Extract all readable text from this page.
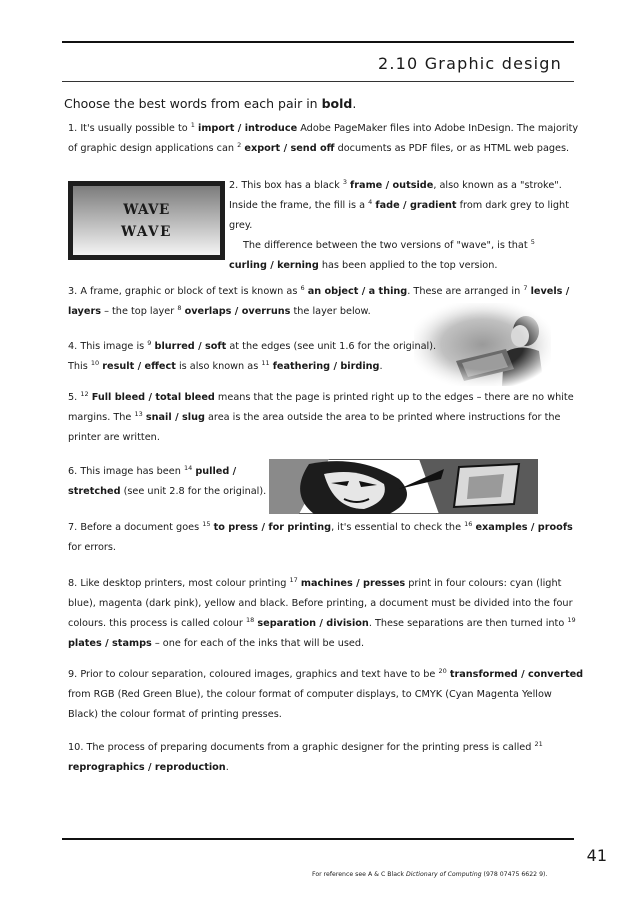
2.10 Graphic design
Choose the best words from each pair in bold.
1. It's usually possible to $^1$ import / introduce Adobe PageMaker files into Adobe InDesign. The majority
of graphic design applications can $^2$ export / send off documents as PDF files, or as HTML web pages.
WAVE
WAVE
2. This box has a black $^3$ frame / outside, also known as a "stroke".
Inside the frame, the fill is a $^4$ fade / gradient from dark grey to light
grey.
The difference between the two versions of "wave", is that $^5$
curling / kerning has been applied to the top version.
3. A frame, graphic or block of text is known as $^6$ an object / a thing. These are arranged in $^7$ levels /
layers – the top layer $^8$ overlaps / overruns the layer below.
4. This image is $^9$ blurred / soft at the edges (see unit 1.6 for the original).
This $^{10}$ result / effect is also known as $^{11}$ feathering / birding.
5. $^{12}$ Full bleed / total bleed means that the page is printed right up to the edges – there are no white
margins. The $^{13}$ snail / slug area is the area outside the area to be printed where instructions for the
printer are written.
6. This image has been $^{14}$ pulled /
stretched (see unit 2.8 for the original).
7. Before a document goes $^{15}$ to press / for printing, it's essential to check the $^{16}$ examples / proofs
for errors.
8. Like desktop printers, most colour printing $^{17}$ machines / presses print in four colours: cyan (light
blue), magenta (dark pink), yellow and black. Before printing, a document must be divided into the four
colours. this process is called colour $^{18}$ separation / division. These separations are then turned into $^{19}$
plates / stamps – one for each of the inks that will be used.
9. Prior to colour separation, coloured images, graphics and text have to be $^{20}$ transformed / converted
from RGB (Red Green Blue), the colour format of computer displays, to CMYK (Cyan Magenta Yellow
Black) the colour format of printing presses.
10. The process of preparing documents from a graphic designer for the printing press is called $^{21}$
reprographics / reproduction.
41
For reference see A & C Black Dictionary of Computing (978 07475 6622 9).
